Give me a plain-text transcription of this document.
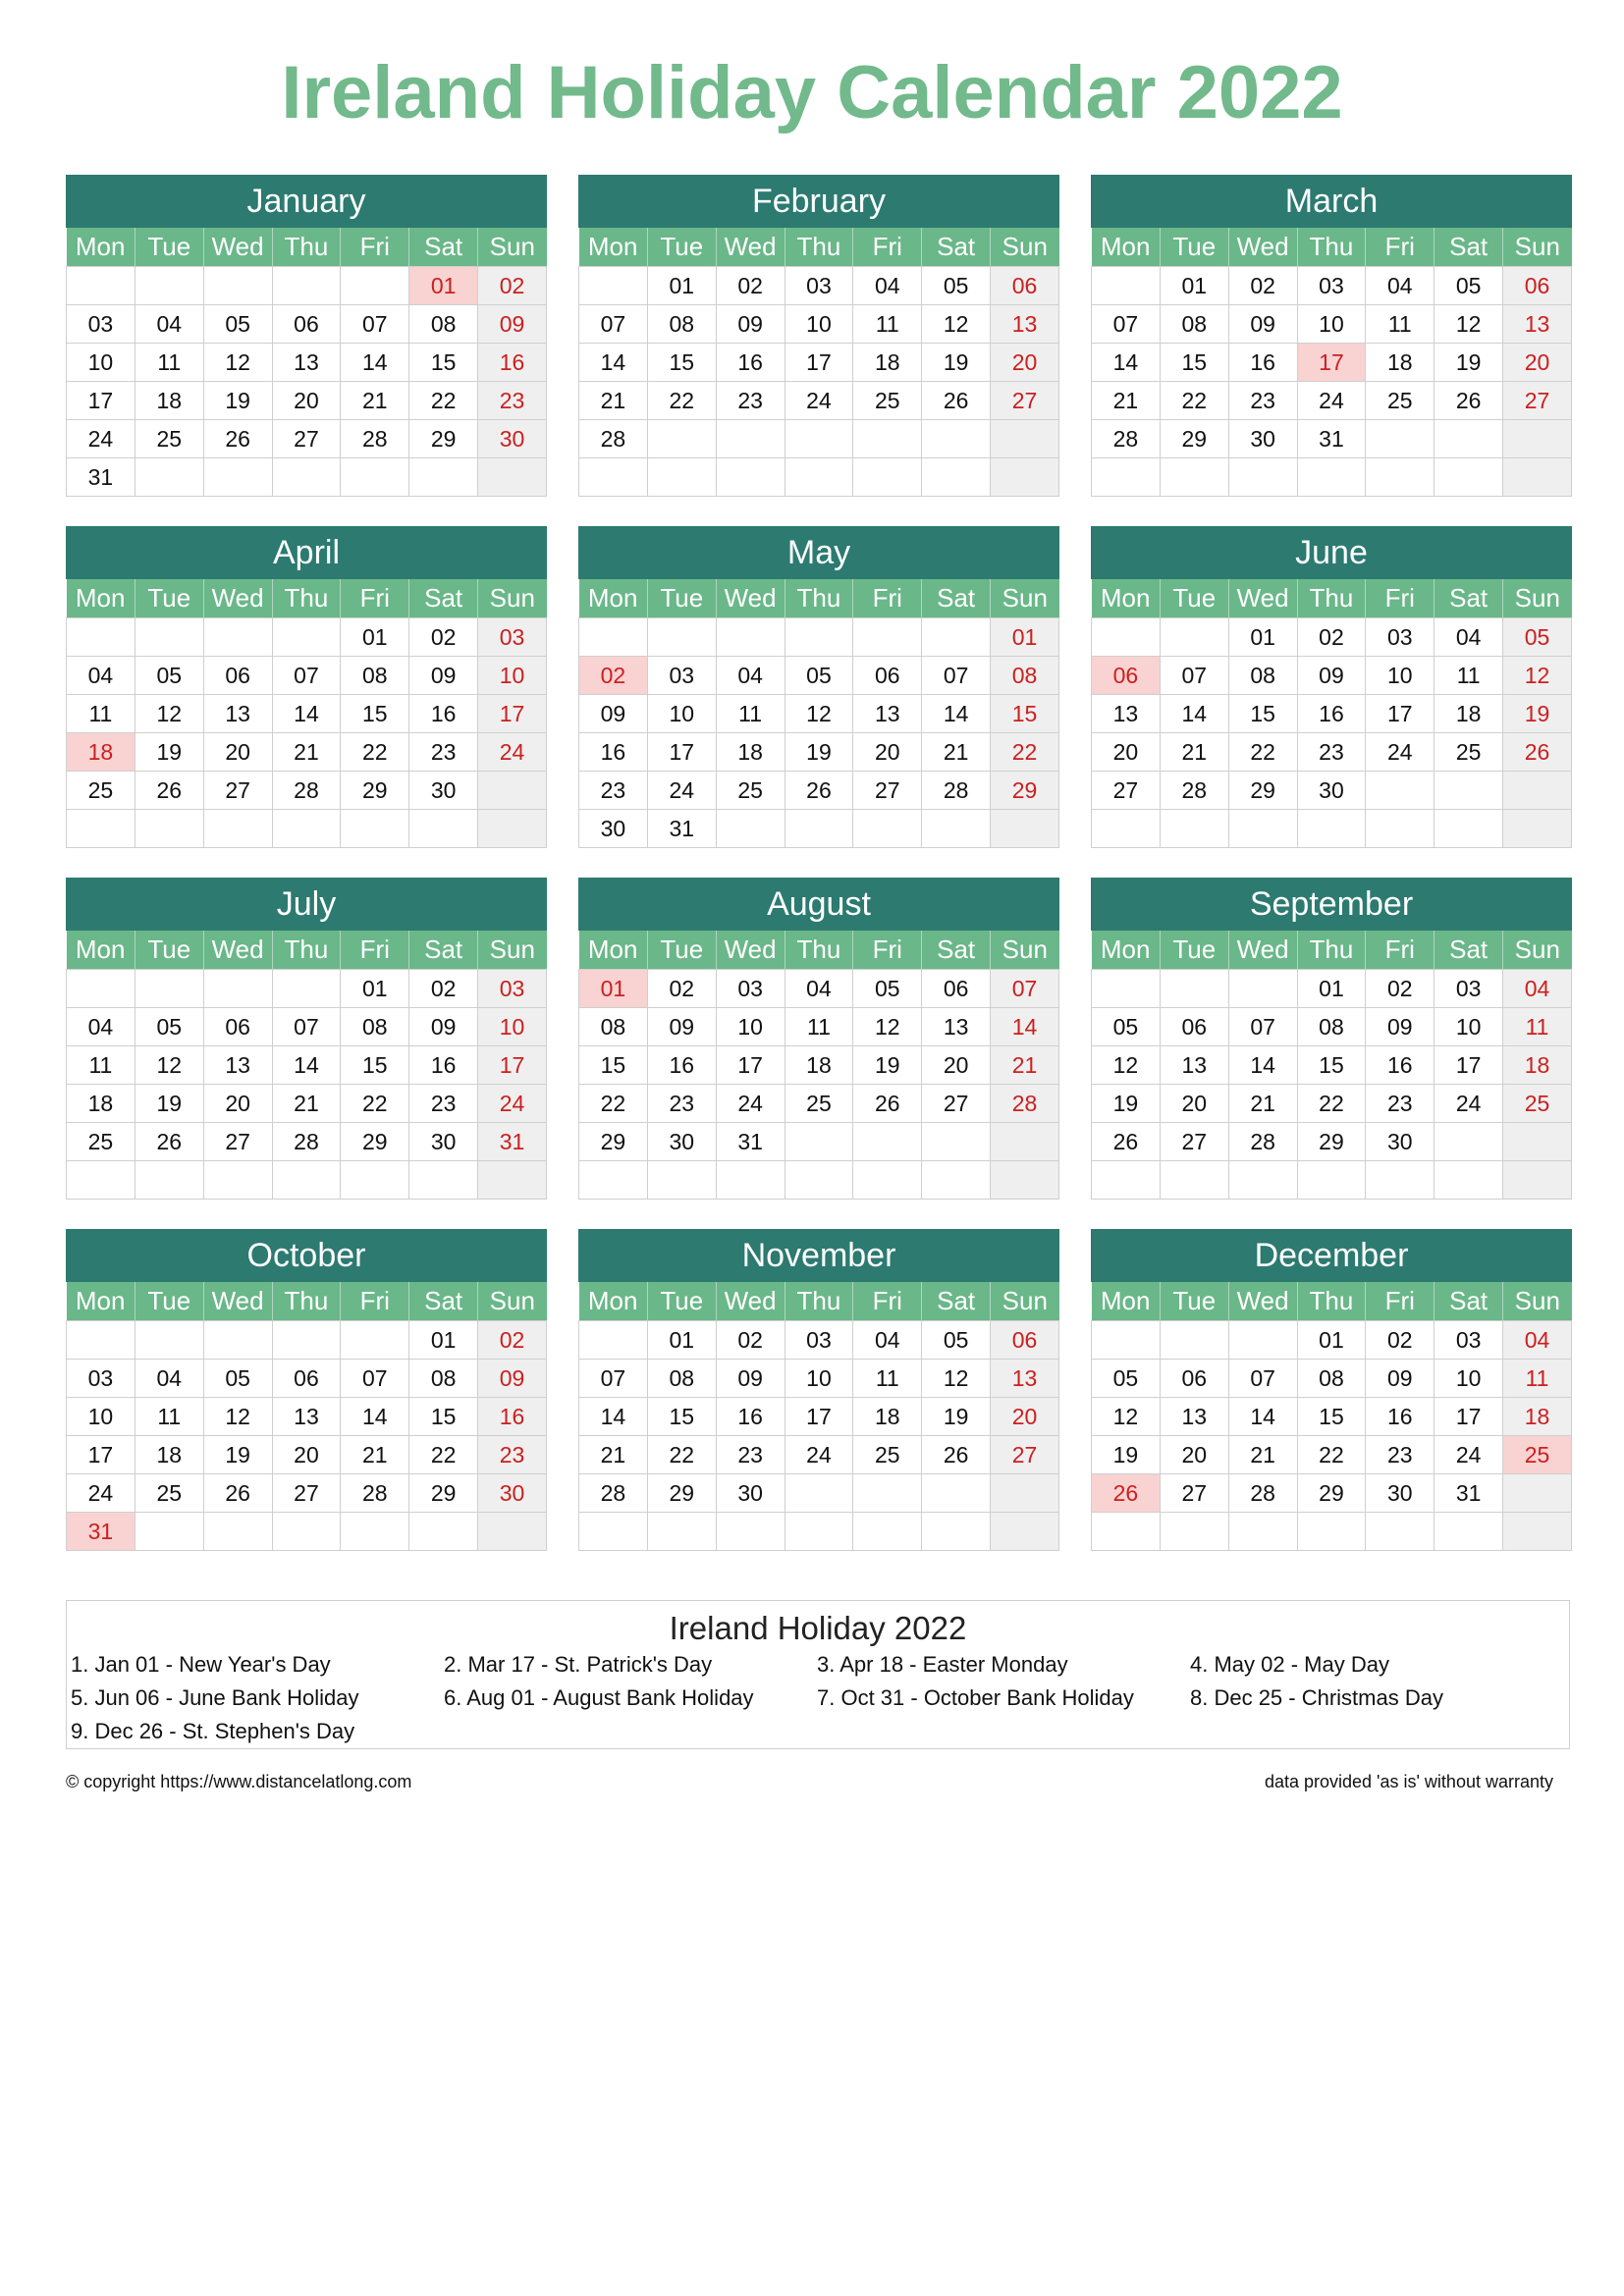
Ireland Holiday Calendar 2022
January
Mon	Tue	Wed	Thu	Fri	Sat	Sun
					01	02
03	04	05	06	07	08	09
10	11	12	13	14	15	16
17	18	19	20	21	22	23
24	25	26	27	28	29	30
31						
February
Mon	Tue	Wed	Thu	Fri	Sat	Sun
	01	02	03	04	05	06
07	08	09	10	11	12	13
14	15	16	17	18	19	20
21	22	23	24	25	26	27
28						

March
Mon	Tue	Wed	Thu	Fri	Sat	Sun
	01	02	03	04	05	06
07	08	09	10	11	12	13
14	15	16	17	18	19	20
21	22	23	24	25	26	27
28	29	30	31			

April
Mon	Tue	Wed	Thu	Fri	Sat	Sun
				01	02	03
04	05	06	07	08	09	10
11	12	13	14	15	16	17
18	19	20	21	22	23	24
25	26	27	28	29	30	

May
Mon	Tue	Wed	Thu	Fri	Sat	Sun
						01
02	03	04	05	06	07	08
09	10	11	12	13	14	15
16	17	18	19	20	21	22
23	24	25	26	27	28	29
30	31					
June
Mon	Tue	Wed	Thu	Fri	Sat	Sun
		01	02	03	04	05
06	07	08	09	10	11	12
13	14	15	16	17	18	19
20	21	22	23	24	25	26
27	28	29	30			

July
Mon	Tue	Wed	Thu	Fri	Sat	Sun
				01	02	03
04	05	06	07	08	09	10
11	12	13	14	15	16	17
18	19	20	21	22	23	24
25	26	27	28	29	30	31

August
Mon	Tue	Wed	Thu	Fri	Sat	Sun
01	02	03	04	05	06	07
08	09	10	11	12	13	14
15	16	17	18	19	20	21
22	23	24	25	26	27	28
29	30	31				

September
Mon	Tue	Wed	Thu	Fri	Sat	Sun
			01	02	03	04
05	06	07	08	09	10	11
12	13	14	15	16	17	18
19	20	21	22	23	24	25
26	27	28	29	30		

October
Mon	Tue	Wed	Thu	Fri	Sat	Sun
					01	02
03	04	05	06	07	08	09
10	11	12	13	14	15	16
17	18	19	20	21	22	23
24	25	26	27	28	29	30
31						
November
Mon	Tue	Wed	Thu	Fri	Sat	Sun
	01	02	03	04	05	06
07	08	09	10	11	12	13
14	15	16	17	18	19	20
21	22	23	24	25	26	27
28	29	30				

December
Mon	Tue	Wed	Thu	Fri	Sat	Sun
			01	02	03	04
05	06	07	08	09	10	11
12	13	14	15	16	17	18
19	20	21	22	23	24	25
26	27	28	29	30	31	

Ireland Holiday 2022
1. Jan 01 - New Year's Day	2. Mar 17 - St. Patrick's Day	3. Apr 18 - Easter Monday	4. May 02 - May Day
5. Jun 06 - June Bank Holiday	6. Aug 01 - August Bank Holiday	7. Oct 31 - October Bank Holiday	8. Dec 25 - Christmas Day
9. Dec 26 - St. Stephen's Day
© copyright https://www.distancelatlong.com	data provided 'as is' without warranty
